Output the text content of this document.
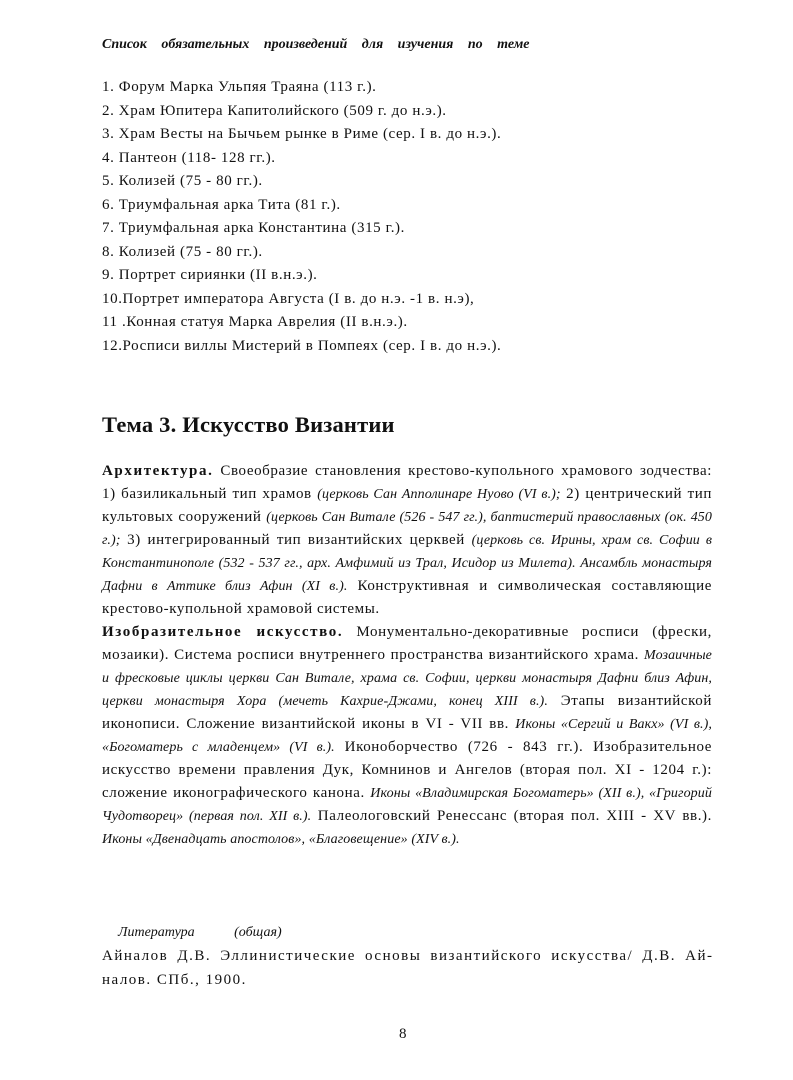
Список обязательных произведений для изучения по теме
1. Форум Марка Ульпяя Траяна (113 г.).
2. Храм Юпитера Капитолийского (509 г. до н.э.).
3. Храм Весты на Бычьем рынке в Риме (сер. I в. до н.э.).
4. Пантеон (118- 128 гг.).
5. Колизей (75 - 80 гг.).
6. Триумфальная арка Тита (81 г.).
7. Триумфальная арка Константина (315 г.).
8. Колизей (75 - 80 гг.).
9. Портрет сириянки (II в.н.э.).
10.Портрет императора Августа (I в. до н.э. -1 в. н.э),
11 .Конная статуя Марка Аврелия (II в.н.э.).
12.Росписи виллы Мистерий в Помпеях (сер. I в. до н.э.).
Тема 3. Искусство Византии

Архитектура. Своеобразие становления крестово-купольного храмового зодчества: 1) базиликальный тип храмов (церковь Сан Апполинаре Нуово (VI в.); 2) центрический тип культовых сооружений (церковь Сан Витале (526 - 547 гг.), баптистерий православных (ок. 450 г.); 3) интегрированный тип византийских церквей (церковь св. Ирины, храм св. Софии в Константинополе (532 - 537 гг., арх. Амфимий из Трал, Исидор из Милета). Ансамбль монастыря Дафни в Аттике близ Афин (XI в.). Конструктивная и символическая составляющие крестово-купольной храмовой системы.

Изобразительное искусство. Монументально-декоративные росписи (фрески, мозаики). Система росписи внутреннего пространства византийского храма. Мозаичные и фресковые циклы церкви Сан Витале, храма св. Софии, церкви монастыря Дафни близ Афин, церкви монастыря Хора (мечеть Кахрие-Джами, конец XIII в.). Этапы византийской иконописи. Сложение византийской иконы в VI - VII вв. Иконы «Сергий и Вакх» (VI в.), «Богоматерь с младенцем» (VI в.). Иконоборчество (726 - 843 гг.). Изобразительное искусство времени правления Дук, Комнинов и Ангелов (вторая пол. XI - 1204 г.): сложение иконографического канона. Иконы «Владимирская Богоматерь» (XII в.), «Григорий Чудотворец» (первая пол. XII в.). Палеологовский Ренессанс (вторая пол. XIII - XV вв.). Иконы «Двенадцать апостолов», «Благовещение» (XIV в.).

Литература (общая)
Айналов Д.В. Эллинистические основы византийского искусства/ Д.В. Айналов. СПб., 1900.
8
